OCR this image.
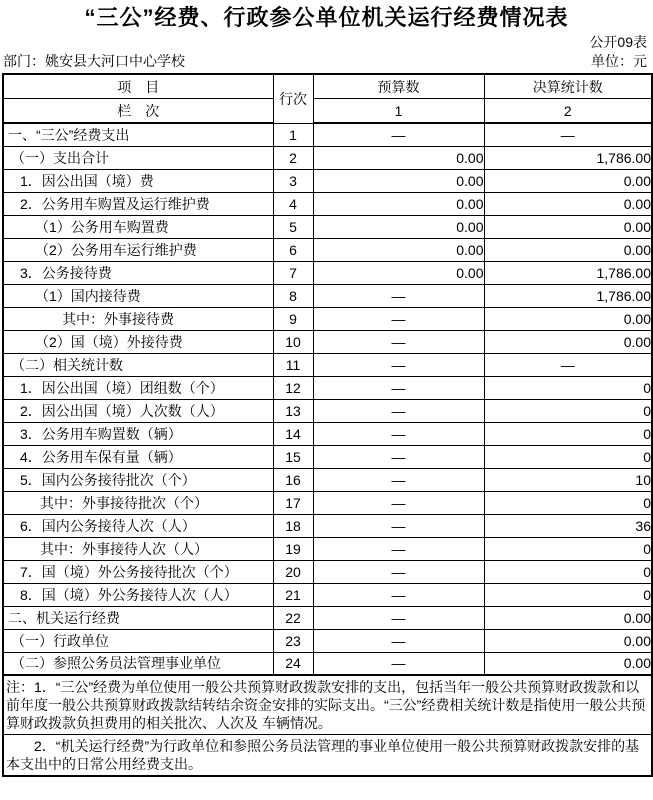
“三公”经费、行政参公单位机关运行经费情况表
公开09表
部门：姚安县大河口中心学校	单位：元
项　目	行次	预算数	决算统计数
栏　次		1	2
一、“三公”经费支出	1	—	—
（一）支出合计	2	0.00	1,786.00
1．因公出国（境）费	3	0.00	0.00
2．公务用车购置及运行维护费	4	0.00	0.00
（1）公务用车购置费	5	0.00	0.00
（2）公务用车运行维护费	6	0.00	0.00
3．公务接待费	7	0.00	1,786.00
（1）国内接待费	8	—	1,786.00
其中：外事接待费	9	—	0.00
（2）国（境）外接待费	10	—	0.00
（二）相关统计数	11	—	—
1．因公出国（境）团组数（个）	12	—	0
2．因公出国（境）人次数（人）	13	—	0
3．公务用车购置数（辆）	14	—	0
4．公务用车保有量（辆）	15	—	0
5．国内公务接待批次（个）	16	—	10
其中：外事接待批次（个）	17	—	0
6．国内公务接待人次（人）	18	—	36
其中：外事接待人次（人）	19	—	0
7．国（境）外公务接待批次（个）	20	—	0
8．国（境）外公务接待人次（人）	21	—	0
二、机关运行经费	22	—	0.00
（一）行政单位	23	—	0.00
（二）参照公务员法管理事业单位	24	—	0.00

注：1．“三公”经费为单位使用一般公共预算财政拨款安排的支出，包括当年一般公共预算财政拨款和以前年度一般公共预算财政拨款结转结余资金安排的实际支出。“三公”经费相关统计数是指使用一般公共预算财政拨款负担费用的相关批次、人次及 车辆情况。			

2．“机关运行经费”为行政单位和参照公务员法管理的事业单位使用一般公共预算财政拨款安排的基本支出中的日常公用经费支出。			
